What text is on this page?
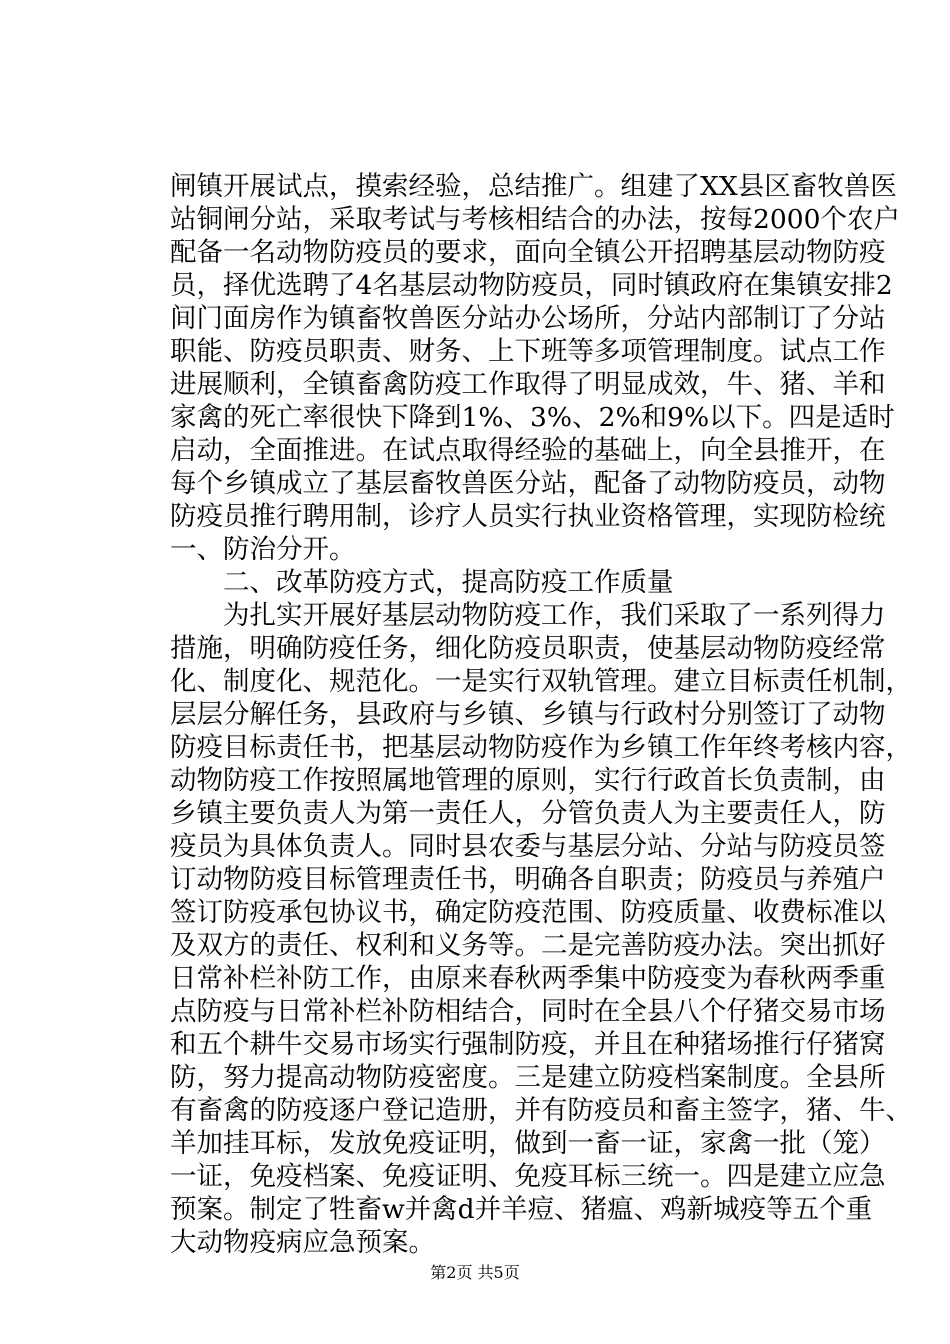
闸镇开展试点，摸索经验，总结推广。组建了XX县区畜牧兽医
站铜闸分站，采取考试与考核相结合的办法，按每2000个农户
配备一名动物防疫员的要求，面向全镇公开招聘基层动物防疫
员，择优选聘了4名基层动物防疫员，同时镇政府在集镇安排2
间门面房作为镇畜牧兽医分站办公场所，分站内部制订了分站
职能、防疫员职责、财务、上下班等多项管理制度。试点工作
进展顺利，全镇畜禽防疫工作取得了明显成效，牛、猪、羊和
家禽的死亡率很快下降到1%、3%、2%和9%以下。四是适时
启动，全面推进。在试点取得经验的基础上，向全县推开，在
每个乡镇成立了基层畜牧兽医分站，配备了动物防疫员，动物
防疫员推行聘用制，诊疗人员实行执业资格管理，实现防检统
一、防治分开。
　　二、改革防疫方式，提高防疫工作质量
　　为扎实开展好基层动物防疫工作，我们采取了一系列得力
措施，明确防疫任务，细化防疫员职责，使基层动物防疫经常
化、制度化、规范化。一是实行双轨管理。建立目标责任机制，
层层分解任务，县政府与乡镇、乡镇与行政村分别签订了动物
防疫目标责任书，把基层动物防疫作为乡镇工作年终考核内容，
动物防疫工作按照属地管理的原则，实行行政首长负责制，由
乡镇主要负责人为第一责任人，分管负责人为主要责任人，防
疫员为具体负责人。同时县农委与基层分站、分站与防疫员签
订动物防疫目标管理责任书，明确各自职责；防疫员与养殖户
签订防疫承包协议书，确定防疫范围、防疫质量、收费标准以
及双方的责任、权利和义务等。二是完善防疫办法。突出抓好
日常补栏补防工作，由原来春秋两季集中防疫变为春秋两季重
点防疫与日常补栏补防相结合，同时在全县八个仔猪交易市场
和五个耕牛交易市场实行强制防疫，并且在种猪场推行仔猪窝
防，努力提高动物防疫密度。三是建立防疫档案制度。全县所
有畜禽的防疫逐户登记造册，并有防疫员和畜主签字，猪、牛、
羊加挂耳标，发放免疫证明，做到一畜一证，家禽一批（笼）
一证，免疫档案、免疫证明、免疫耳标三统一。四是建立应急
预案。制定了牲畜w并禽d并羊痘、猪瘟、鸡新城疫等五个重
大动物疫病应急预案。
第2页 共5页
